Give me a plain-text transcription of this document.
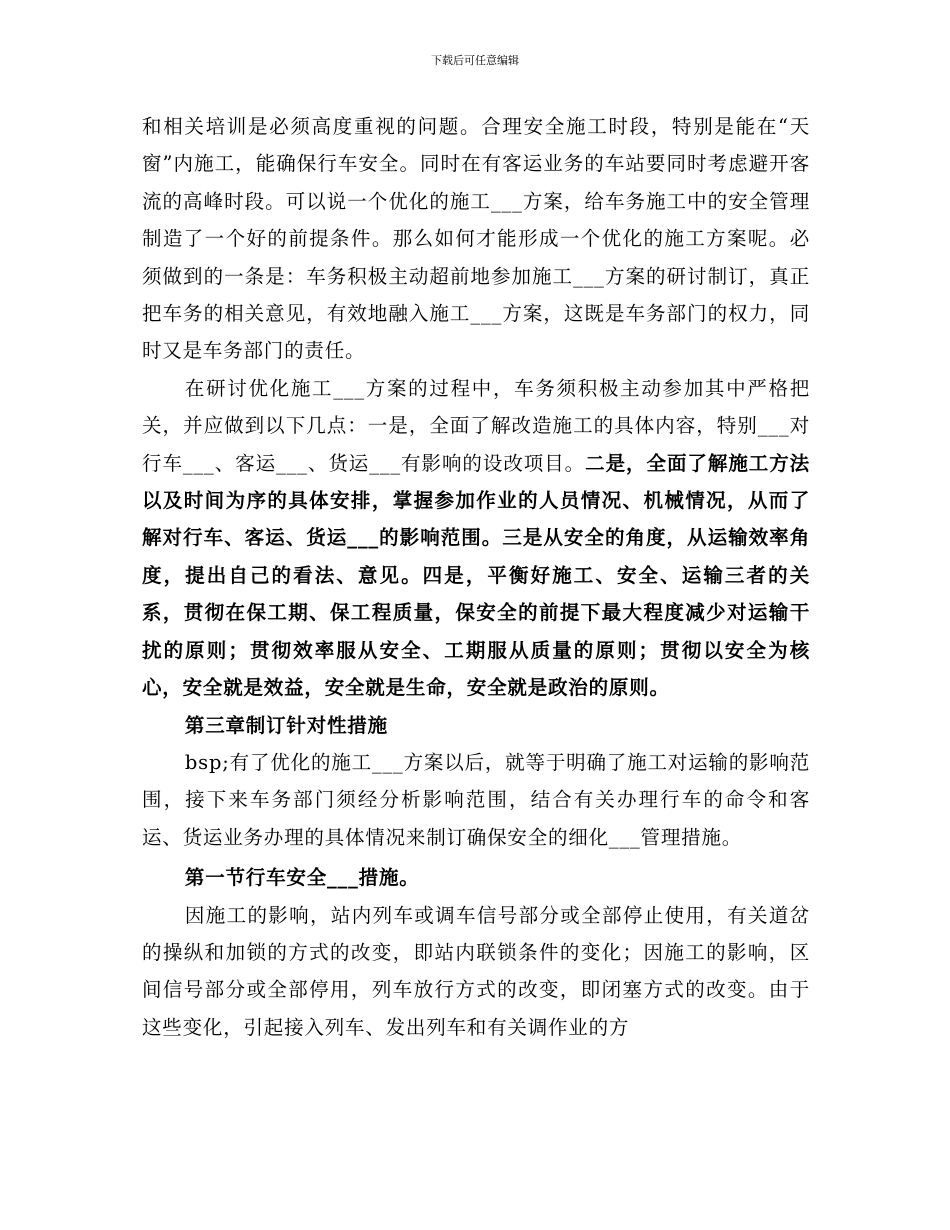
下载后可任意编辑

和相关培训是必须高度重视的问题。合理安全施工时段，特别是能在“天窗”内施工，能确保行车安全。同时在有客运业务的车站要同时考虑避开客流的高峰时段。可以说一个优化的施工___方案，给车务施工中的安全管理制造了一个好的前提条件。那么如何才能形成一个优化的施工方案呢。必须做到的一条是：车务积极主动超前地参加施工___方案的研讨制订，真正把车务的相关意见，有效地融入施工___方案，这既是车务部门的权力，同时又是车务部门的责任。

在研讨优化施工___方案的过程中，车务须积极主动参加其中严格把关，并应做到以下几点：一是，全面了解改造施工的具体内容，特别___对行车___、客运___、货运___有影响的设改项目。二是，全面了解施工方法以及时间为序的具体安排，掌握参加作业的人员情况、机械情况，从而了解对行车、客运、货运___的影响范围。三是从安全的角度，从运输效率角度，提出自己的看法、意见。四是，平衡好施工、安全、运输三者的关系，贯彻在保工期、保工程质量，保安全的前提下最大程度减少对运输干扰的原则；贯彻效率服从安全、工期服从质量的原则；贯彻以安全为核心，安全就是效益，安全就是生命，安全就是政治的原则。

第三章制订针对性措施

bsp;有了优化的施工___方案以后，就等于明确了施工对运输的影响范围，接下来车务部门须经分析影响范围，结合有关办理行车的命令和客运、货运业务办理的具体情况来制订确保安全的细化___管理措施。

第一节行车安全___措施。

因施工的影响，站内列车或调车信号部分或全部停止使用，有关道岔的操纵和加锁的方式的改变，即站内联锁条件的变化；因施工的影响，区间信号部分或全部停用，列车放行方式的改变，即闭塞方式的改变。由于这些变化，引起接入列车、发出列车和有关调作业的方
